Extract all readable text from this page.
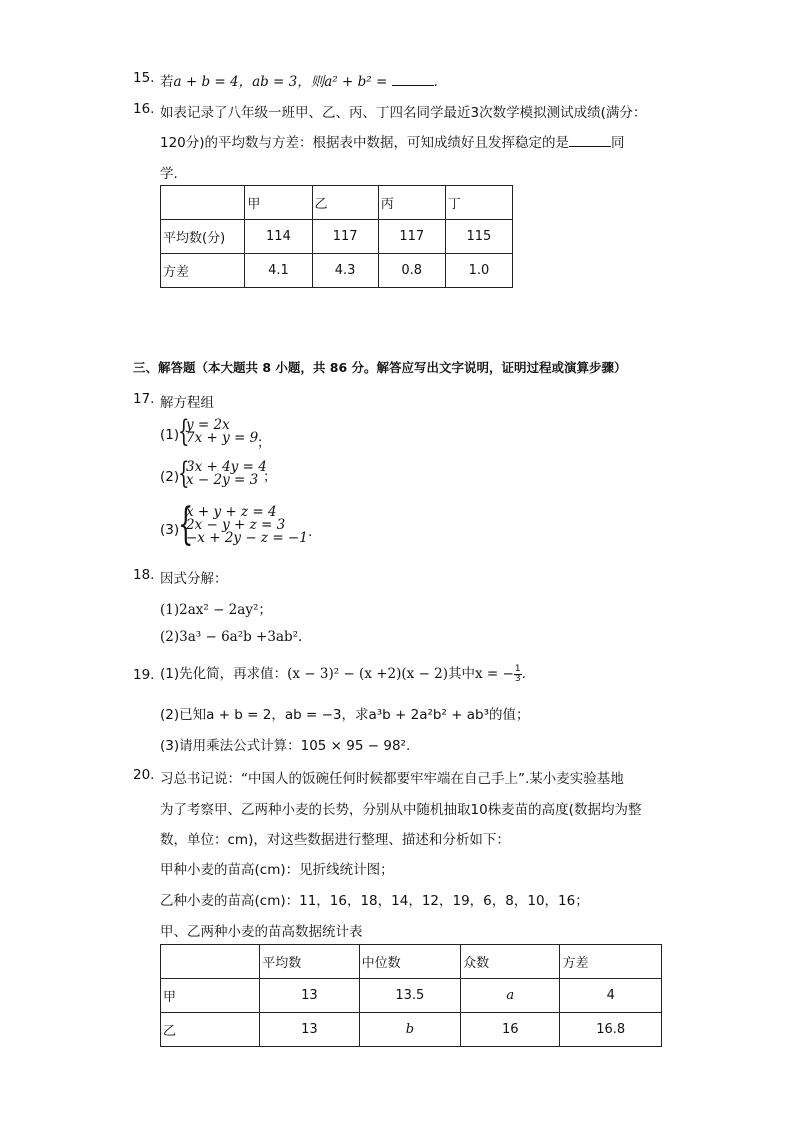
15. 若a + b = 4，ab = 3，则a² + b² =	.
16. 如表记录了八年级一班甲、乙、丙、丁四名同学最近3次数学模拟测试成绩(满分：
120分)的平均数与方差：根据表中数据，可知成绩好且发挥稳定的是	同
学.
	甲	乙	丙	丁
平均数(分)	114	117	117	115
方差	4.1	4.3	0.8	1.0
三、解答题（本大题共 8 小题，共 86 分。解答应写出文字说明，证明过程或演算步骤）
17. 解方程组
(1)
{
y = 2x
7x + y = 9
；
(2)
{
3x + 4y = 4
x − 2y = 3 ；
(3)
{
x + y + z = 4
2x − y + z = 3
−x + 2y − z = −1 .
18. 因式分解：
(1)2ax² − 2ay²；
(2)3a³ − 6a²b +3ab².
19. (1)先化简，再求值：(x − 3)² − (x +2)(x − 2)其中x = − $\frac{1}{3}$ .
(2)已知a + b = 2，ab = −3，求a³b + 2a²b² + ab³的值；
(3)请用乘法公式计算：105 × 95 − 98².
20. 习总书记说：“中国人的饭碗任何时候都要牢牢端在自己手上”.某小麦实验基地
为了考察甲、乙两种小麦的长势，分别从中随机抽取10株麦苗的高度(数据均为整
数，单位：cm)，对这些数据进行整理、描述和分析如下：
甲种小麦的苗高(cm)：见折线统计图；
乙种小麦的苗高(cm)：11，16，18，14，12，19，6，8，10，16；
甲、乙两种小麦的苗高数据统计表
	平均数	中位数	众数	方差
甲	13	13.5	a	4
乙	13	b	16	16.8
